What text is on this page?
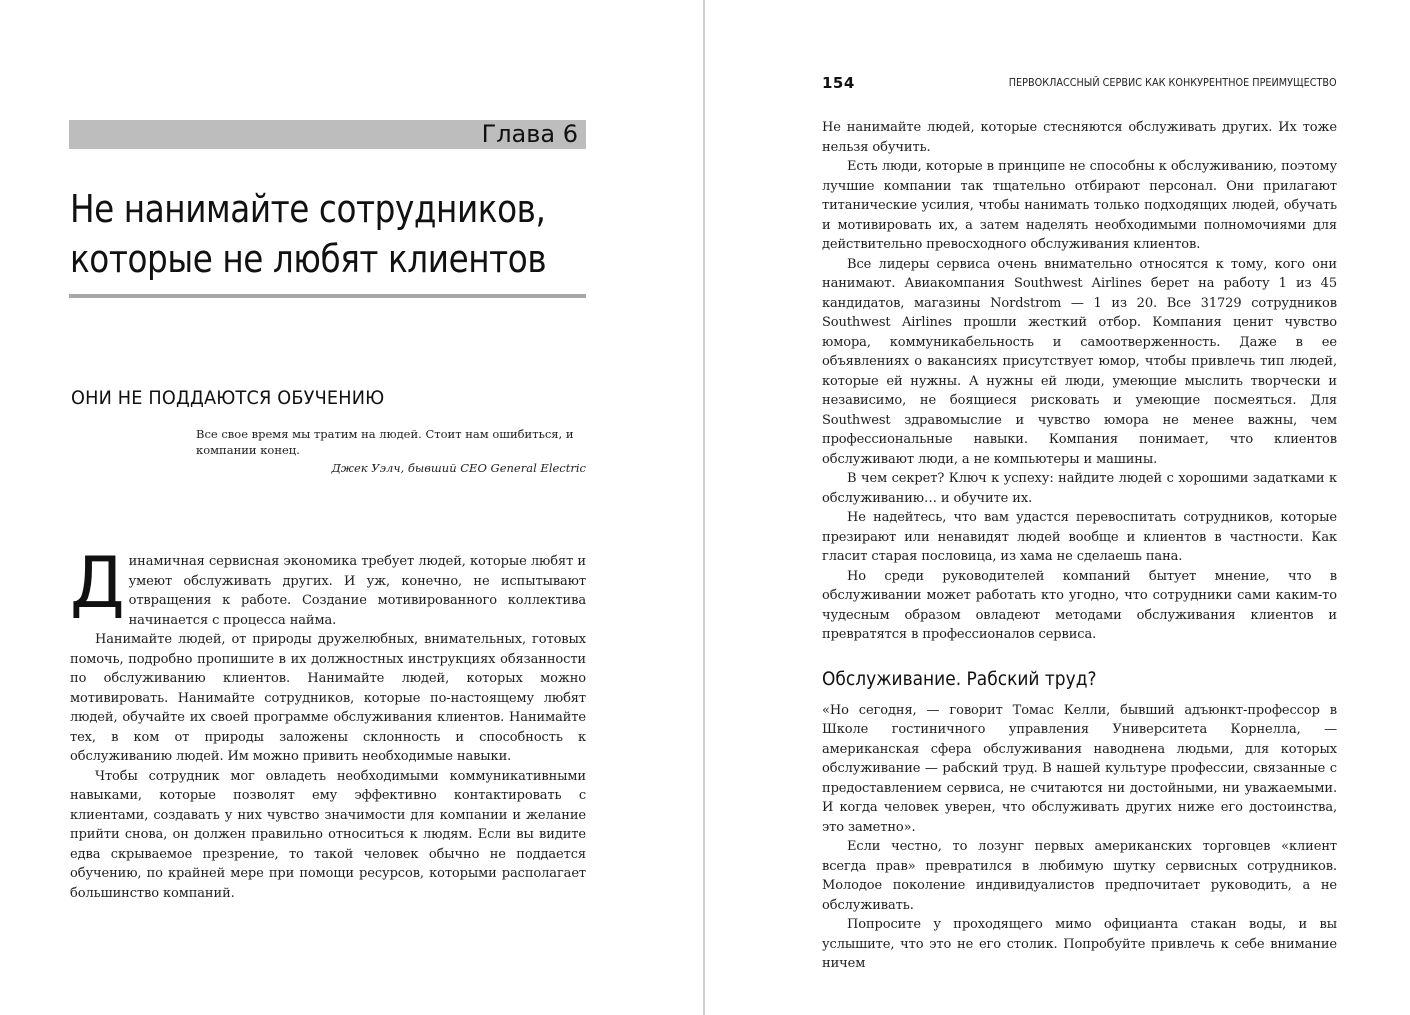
Глава 6
Не нанимайте сотрудников,
которые не любят клиентов
ОНИ НЕ ПОДДАЮТСЯ ОБУЧЕНИЮ
Все свое время мы тратим на людей. Стоит нам ошибиться, и компании конец.
Джек Уэлч, бывший CEO General Electric

Динамичная сервисная экономика требует людей, которые любят и умеют обслуживать других. И уж, конечно, не испытывают отвращения к работе. Создание мотивированного коллектива начинается с процесса найма.

Нанимайте людей, от природы дружелюбных, внимательных, готовых помочь, подробно пропишите в их должностных инструкциях обязанности по обслуживанию клиентов. Нанимайте людей, которых можно мотивировать. Нанимайте сотрудников, которые по-настоящему любят людей, обучайте их своей программе обслуживания клиентов. Нанимайте тех, в ком от природы заложены склонность и способность к обслуживанию людей. Им можно привить необходимые навыки.

Чтобы сотрудник мог овладеть необходимыми коммуникативными навыками, которые позволят ему эффективно контактировать с клиентами, создавать у них чувство значимости для компании и желание прийти снова, он должен правильно относиться к людям. Если вы видите едва скрываемое презрение, то такой человек обычно не поддается обучению, по крайней мере при помощи ресурсов, которыми располагает большинство компаний.

154	ПЕРВОКЛАССНЫЙ СЕРВИС КАК КОНКУРЕНТНОЕ ПРЕИМУЩЕСТВО

Не нанимайте людей, которые стесняются обслуживать других. Их тоже нельзя обучить.

Есть люди, которые в принципе не способны к обслуживанию, поэтому лучшие компании так тщательно отбирают персонал. Они прилагают титанические усилия, чтобы нанимать только подходящих людей, обучать и мотивировать их, а затем наделять необходимыми полномочиями для действительно превосходного обслуживания клиентов.

Все лидеры сервиса очень внимательно относятся к тому, кого они нанимают. Авиакомпания Southwest Airlines берет на работу 1 из 45 кандидатов, магазины Nordstrom — 1 из 20. Все 31729 сотрудников Southwest Airlines прошли жесткий отбор. Компания ценит чувство юмора, коммуникабельность и самоотверженность. Даже в ее объявлениях о вакансиях присутствует юмор, чтобы привлечь тип людей, которые ей нужны. А нужны ей люди, умеющие мыслить творчески и независимо, не боящиеся рисковать и умеющие посмеяться. Для Southwest здравомыслие и чувство юмора не менее важны, чем профессиональные навыки. Компания понимает, что клиентов обслуживают люди, а не компьютеры и машины.

В чем секрет? Ключ к успеху: найдите людей с хорошими задатками к обслуживанию… и обучите их.

Не надейтесь, что вам удастся перевоспитать сотрудников, которые презирают или ненавидят людей вообще и клиентов в частности. Как гласит старая пословица, из хама не сделаешь пана.

Но среди руководителей компаний бытует мнение, что в обслуживании может работать кто угодно, что сотрудники сами каким-то чудесным образом овладеют методами обслуживания клиентов и превратятся в профессионалов сервиса.

Обслуживание. Рабский труд?

«Но сегодня, — говорит Томас Келли, бывший адъюнкт-профессор в Школе гостиничного управления Университета Корнелла, — американская сфера обслуживания наводнена людьми, для которых обслуживание — рабский труд. В нашей культуре профессии, связанные с предоставлением сервиса, не считаются ни достойными, ни уважаемыми. И когда человек уверен, что обслуживать других ниже его достоинства, это заметно».

Если честно, то лозунг первых американских торговцев «клиент всегда прав» превратился в любимую шутку сервисных сотрудников. Молодое поколение индивидуалистов предпочитает руководить, а не обслуживать.

Попросите у проходящего мимо официанта стакан воды, и вы услышите, что это не его столик. Попробуйте привлечь к себе внимание ничем
